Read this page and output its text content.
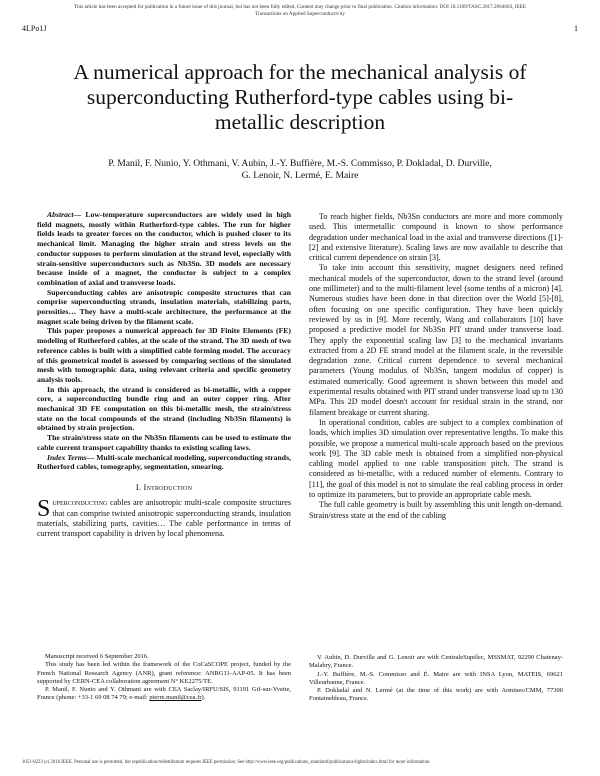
This article has been accepted for publication in a future issue of this journal, but has not been fully edited. Content may change prior to final publication. Citation information: DOI 10.1109/TASC.2017.2664603, IEEE
Transactions on Applied Superconductivity
4LPo1J	1
A numerical approach for the mechanical analysis of superconducting Rutherford-type cables using bi-metallic description
P. Manil, F. Nunio, Y. Othmani, V. Aubin, J.-Y. Buffière, M.-S. Commisso, P. Dokladal, D. Durville,
G. Lenoir, N. Lermé, E. Maire

Abstract— Low-temperature superconductors are widely used in high field magnets, mostly within Rutherford-type cables. The run for higher fields leads to greater forces on the conductor, which is pushed closer to its mechanical limit. Managing the higher strain and stress levels on the conductor supposes to perform simulation at the strand level, especially with strain-sensitive superconductors such as Nb3Sn. 3D models are necessary because inside of a magnet, the conductor is subject to a complex combination of axial and transverse loads.

Superconducting cables are anisotropic composite structures that can comprise superconducting strands, insulation materials, stabilizing parts, porosities… They have a multi-scale architecture, the performance at the magnet scale being driven by the filament scale.

This paper proposes a numerical approach for 3D Finite Elements (FE) modeling of Rutherford cables, at the scale of the strand. The 3D mesh of two reference cables is built with a simplified cable forming model. The accuracy of this geometrical model is assessed by comparing sections of the simulated mesh with tomographic data, using relevant criteria and specific geometry analysis tools.

In this approach, the strand is considered as bi-metallic, with a copper core, a superconducting bundle ring and an outer copper ring. After mechanical 3D FE computation on this bi-metallic mesh, the strain/stress state on the local compounds of the strand (including Nb3Sn filaments) is obtained by strain projection.

The strain/stress state on the Nb3Sn filaments can be used to estimate the cable current transport capability thanks to existing scaling laws.

Index Terms— Multi-scale mechanical modeling, superconducting strands, Rutherford cables, tomography, segmentation, smearing.

I. Introduction

Superconducting cables are anisotropic multi-scale composite structures that can comprise twisted anisotropic superconducting strands, insulation materials, stabilizing parts, cavities… The cable performance in terms of current transport capability is driven by local phenomena.

To reach higher fields, Nb3Sn conductors are more and more commonly used. This intermetallic compound is known to show performance degradation under mechanical load in the axial and transverse directions ([1]-[2] and extensive literature). Scaling laws are now available to describe that critical current dependence on strain [3].

To take into account this sensitivity, magnet designers need refined mechanical models of the superconductor, down to the strand level (around one millimeter) and to the multi-filament level (some tenths of a micron) [4]. Numerous studies have been done in that direction over the World [5]-[8], often focusing on one specific configuration. They have been quickly reviewed by us in [9]. More recently, Wang and collaborators [10] have proposed a predictive model for Nb3Sn PIT strand under transverse load. They apply the exponential scaling law [3] to the mechanical invariants extracted from a 2D FE strand model at the filament scale, in the reversible degradation zone. Critical current dependence to several mechanical parameters (Young modulus of Nb3Sn, tangent modulus of copper) is estimated numerically. Good agreement is shown between this model and experimental results obtained with PIT strand under transverse load up to 130 MPa. This 2D model doesn't account for residual strain in the strand, nor filament breakage or current sharing.

In operational condition, cables are subject to a complex combination of loads, which implies 3D simulation over representative lengths. To make this possible, we propose a numerical multi-scale approach based on the previous work [9]. The 3D cable mesh is obtained from a simplified non-physical cabling model applied to one cable transposition pitch. The strand is considered as bi-metallic, with a reduced number of elements. Contrary to [11], the goal of this model is not to simulate the real cabling process in order to optimize its parameters, but to provide an appropriate cable mesh.

The full cable geometry is built by assembling this unit length on-demand. Strain/stress state at the end of the cabling

Manuscript received 6 September 2016.

This study has been led within the framework of the CoCaSCOPE project, funded by the French National Research Agency (ANR), grant reference: ANRG11-AAP-05. It has been supported by CERN-CEA collaboration agreement N° KE2275/TE.

P. Manil, F. Nunio and Y. Othmani are with CEA Saclay/IRFU/SIS, 91191 Gif-sur-Yvette, France (phone: +33-1 69 08 74 79; e-mail: pierre.manil@cea.fr).

V. Aubin, D. Durville and G. Lenoir are with CentraleSupélec, MSSMAT, 92290 Chatenay-Malabry, France.

J.-Y. Buffière, M.-S. Commisso and É. Maire are with INSA Lyon, MATEIS, 69621 Villeurbanne, France.

P. Dokladal and N. Lermé (at the time of this work) are with Armines/CMM, 77300 Fontainebleau, France.

1051-8223 (c) 2016 IEEE. Personal use is permitted, but republication/redistribution requires IEEE permission. See http://www.ieee.org/publications_standards/publications/rights/index.html for more information.
